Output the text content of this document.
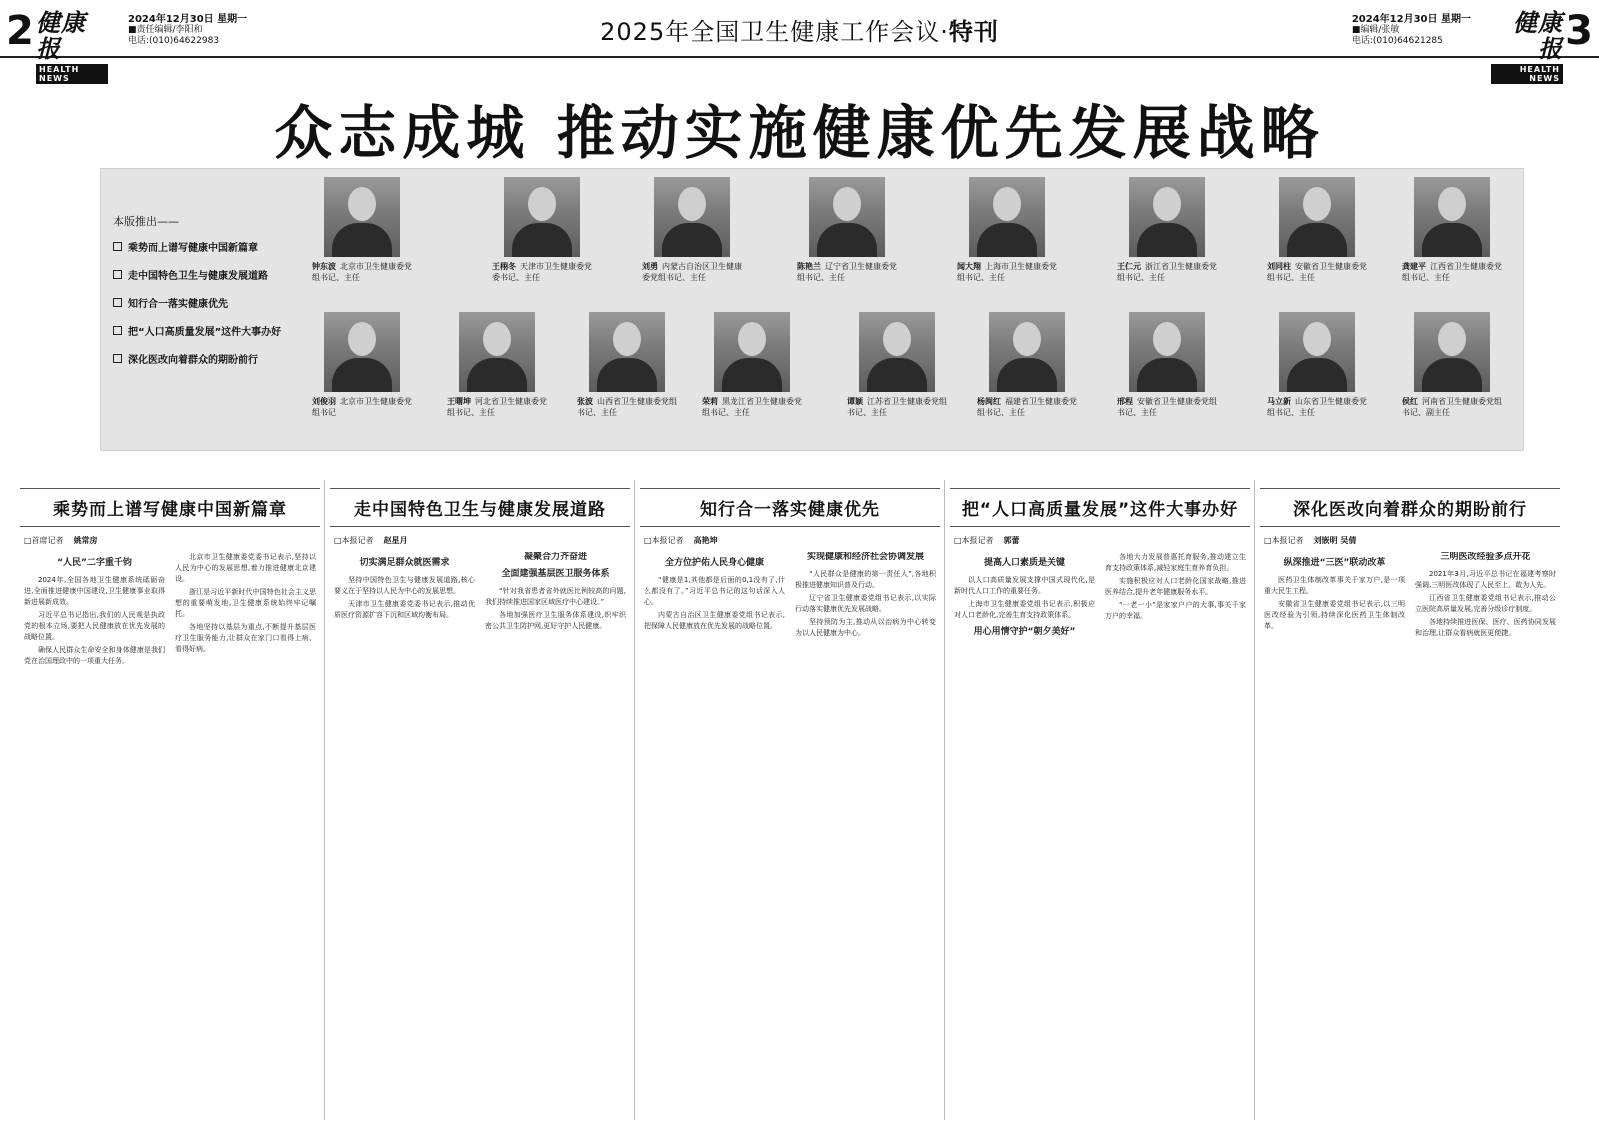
2 健康报
HEALTH NEWS
2024年12月30日 星期一
■责任编辑/李阳和
电话:(010)64622983	2025年全国卫生健康工作会议·特刊	2024年12月30日 星期一
■编辑/张敏
电话:(010)64621285
健康报
HEALTH NEWS
3
众志成城 推动实施健康优先发展战略
本版推出——
乘势而上谱写健康中国新篇章
走中国特色卫生与健康发展道路
知行合一落实健康优先
把“人口高质量发展”这件大事办好
深化医改向着群众的期盼前行
钟东波 北京市卫生健康委党组书记、主任
王栩冬 天津市卫生健康委党委书记、主任
刘勇 内蒙古自治区卫生健康委党组书记、主任
陈艳兰 辽宁省卫生健康委党组书记、主任
闻大翔 上海市卫生健康委党组书记、主任
王仁元 浙江省卫生健康委党组书记、主任
刘同柱 安徽省卫生健康委党组书记、主任
龚建平 江西省卫生健康委党组书记、主任
刘俊羽 北京市卫生健康委党组书记
王曙坤 河北省卫生健康委党组书记、主任
张波 山西省卫生健康委党组书记、主任
荣莉 黑龙江省卫生健康委党组书记、主任
谭颖 江苏省卫生健康委党组书记、主任
杨闽红 福建省卫生健康委党组书记、主任
邢程 安徽省卫生健康委党组书记、主任
马立新 山东省卫生健康委党组书记、主任
侯红 河南省卫生健康委党组书记、副主任
乘势而上谱写健康中国新篇章
□首席记者 姚常房

“人民”二字重千钧

2024年,全国各地卫生健康系统砥砺奋进,全面推进健康中国建设,卫生健康事业取得新进展新成效。

习近平总书记指出,我们的人民观是执政党的根本立场,要把人民健康放在优先发展的战略位置。

确保人民群众生命安全和身体健康是我们党在治国理政中的一项重大任务。

北京市卫生健康委党委书记表示,坚持以人民为中心的发展思想,着力推进健康北京建设。

浙江是习近平新时代中国特色社会主义思想的重要萌发地,卫生健康系统始终牢记嘱托。

各地坚持以基层为重点,不断提升基层医疗卫生服务能力,让群众在家门口看得上病、看得好病。

走中国特色卫生与健康发展道路
□本报记者 赵星月

切实满足群众就医需求

坚持中国特色卫生与健康发展道路,核心要义在于坚持以人民为中心的发展思想。

天津市卫生健康委党委书记表示,推动优质医疗资源扩容下沉和区域均衡布局。

凝聚合力齐奋进

全面建强基层医卫服务体系

“针对我省患者省外就医比例较高的问题,我们持续推进国家区域医疗中心建设。”

各地加强医疗卫生服务体系建设,织牢织密公共卫生防护网,更好守护人民健康。

知行合一落实健康优先
□本报记者 高艳坤

全方位护佑人民身心健康

“健康是1,其他都是后面的0,1没有了,什么都没有了。”习近平总书记的这句话深入人心。

内蒙古自治区卫生健康委党组书记表示,把保障人民健康放在优先发展的战略位置。

实现健康和经济社会协调发展

“人民群众是健康的第一责任人”,各地积极推进健康知识普及行动。

辽宁省卫生健康委党组书记表示,以实际行动落实健康优先发展战略。

坚持预防为主,推动从以治病为中心转变为以人民健康为中心。

把“人口高质量发展”这件大事办好
□本报记者 郭蕾

提高人口素质是关键

以人口高质量发展支撑中国式现代化,是新时代人口工作的重要任务。

上海市卫生健康委党组书记表示,积极应对人口老龄化,完善生育支持政策体系。

用心用情守护“朝夕美好”

各地大力发展普惠托育服务,推动建立生育支持政策体系,减轻家庭生育养育负担。

实施积极应对人口老龄化国家战略,推进医养结合,提升老年健康服务水平。

“一老一小”是家家户户的大事,事关千家万户的幸福。

深化医改向着群众的期盼前行
□本报记者 刘嵌明 吴倩

纵深推进“三医”联动改革

医药卫生体制改革事关千家万户,是一项重大民生工程。

安徽省卫生健康委党组书记表示,以三明医改经验为引领,持续深化医药卫生体制改革。

三明医改经验多点开花

2021年3月,习近平总书记在福建考察时强调,三明医改体现了人民至上、敢为人先。

江西省卫生健康委党组书记表示,推动公立医院高质量发展,完善分级诊疗制度。

各地持续推进医保、医疗、医药协同发展和治理,让群众看病就医更便捷。
